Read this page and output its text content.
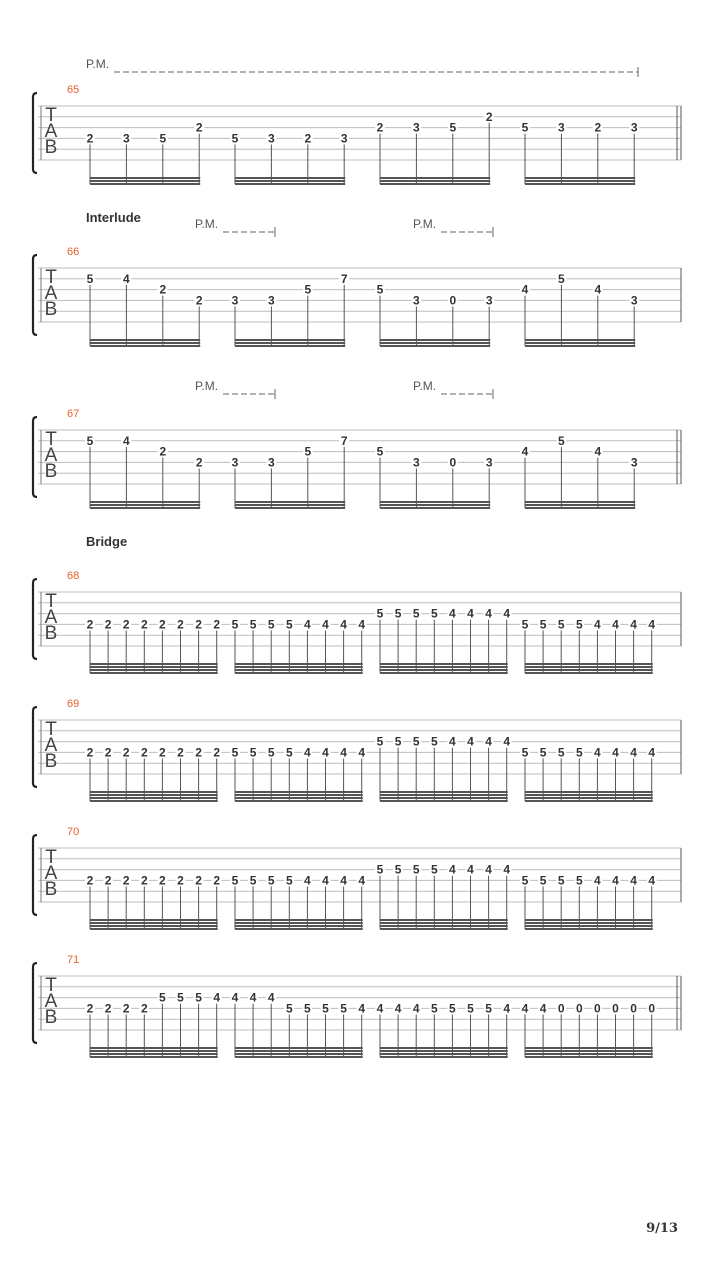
T
A
B
65
P.M.
2 3 5
2
5 3 2 3
2 3 5
2
5 3 2 3
T
A
B
66
Interlude	P.M.	P.M.
5 4
2
2 3 3
5
7
5
3 0 3
4
5
4
3
T
A
B
67
P.M.	P.M.
5 4
2
2 3 3
5
7
5
3 0 3
4
5
4
3
T
A
B
68
Bridge
2 2 2 2 2 2 2 2 5 5 5 5 4 4 4 4
5 5 5 5 4 4 4 4
5 5 5 5 4 4 4 4
T
A
B
69
2 2 2 2 2 2 2 2 5 5 5 5 4 4 4 4
5 5 5 5 4 4 4 4
5 5 5 5 4 4 4 4
T
A
B
70
2 2 2 2 2 2 2 2 5 5 5 5 4 4 4 4
5 5 5 5 4 4 4 4
5 5 5 5 4 4 4 4
T
A
B
71
2 2 2 2
5 5 5 4 4 4 4
5 5 5 5 4 4 4 4 5 5 5 5 4 4 4 0 0 0 0 0 0
9/13
